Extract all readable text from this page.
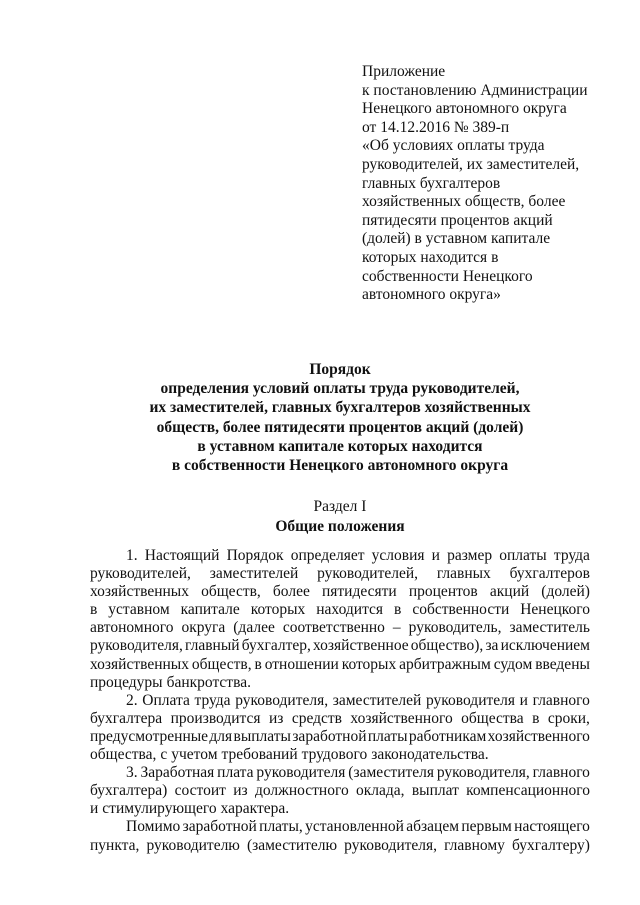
Приложение
к постановлению Администрации
Ненецкого автономного округа
от 14.12.2016 № 389-п
«Об условиях оплаты труда
руководителей, их заместителей,
главных бухгалтеров
хозяйственных обществ, более
пятидесяти процентов акций
(долей) в уставном капитале
которых находится в
собственности Ненецкого
автономного округа»
Порядок
определения условий оплаты труда руководителей,
их заместителей, главных бухгалтеров хозяйственных
обществ, более пятидесяти процентов акций (долей)
в уставном капитале которых находится
в собственности Ненецкого автономного округа
Раздел I
Общие положения
1. Настоящий Порядок определяет условия и размер оплаты труда
руководителей, заместителей руководителей, главных бухгалтеров
хозяйственных обществ, более пятидесяти процентов акций (долей)
в уставном капитале которых находится в собственности Ненецкого
автономного округа (далее соответственно – руководитель, заместитель
руководителя, главный бухгалтер, хозяйственное общество), за исключением
хозяйственных обществ, в отношении которых арбитражным судом введены
процедуры банкротства.
2. Оплата труда руководителя, заместителей руководителя и главного
бухгалтера производится из средств хозяйственного общества в сроки,
предусмотренные для выплаты заработной платы работникам хозяйственного
общества, с учетом требований трудового законодательства.
3. Заработная плата руководителя (заместителя руководителя, главного
бухгалтера) состоит из должностного оклада, выплат компенсационного
и стимулирующего характера.
Помимо заработной платы, установленной абзацем первым настоящего
пункта, руководителю (заместителю руководителя, главному бухгалтеру)
